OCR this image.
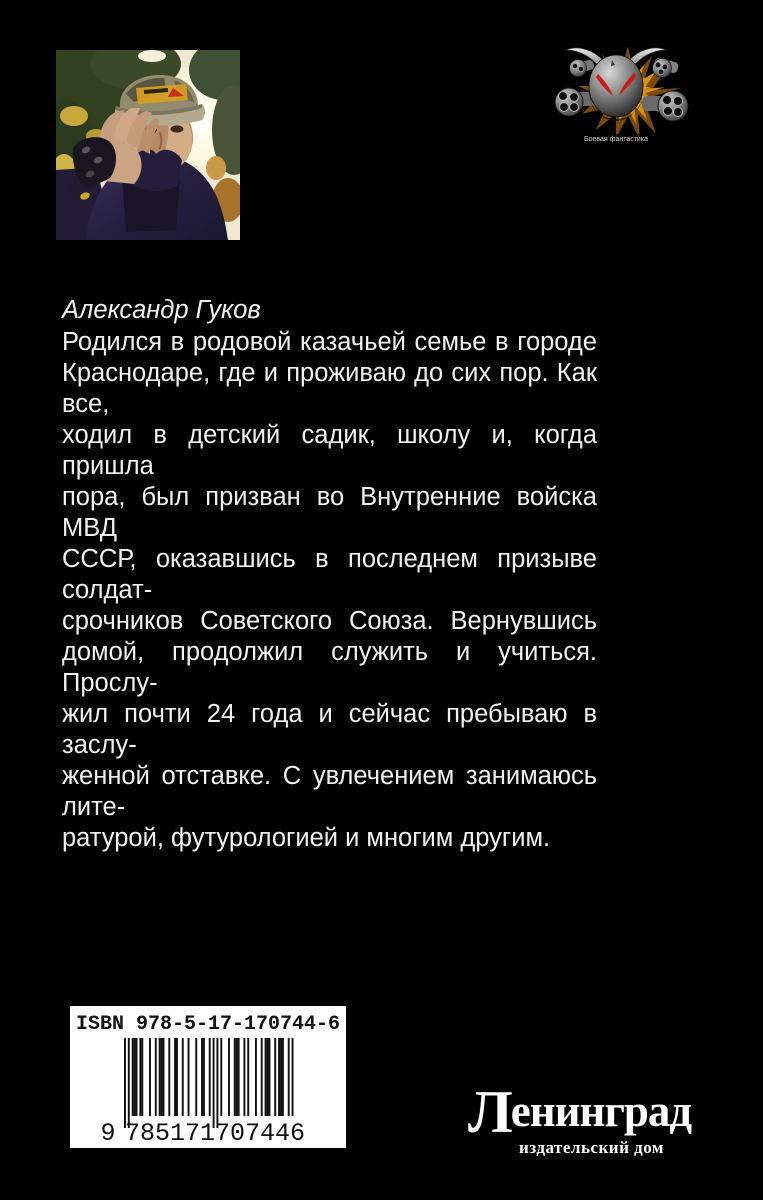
Боевая фантастика
Александр Гуков
Родился в родовой казачьей семье в городе
Краснодаре, где и проживаю до сих пор. Как все,
ходил в детский садик, школу и, когда пришла
пора, был призван во Внутренние войска МВД
СССР, оказавшись в последнем призыве солдат-
срочников Советского Союза. Вернувшись
домой, продолжил служить и учиться. Прослу-
жил почти 24 года и сейчас пребываю в заслу-
женной отставке. С увлечением занимаюсь лите-
ратурой, футурологией и многим другим.
ISBN 978-5-17-170744-6
9 785171 707446	Ленинград
издательский дом
